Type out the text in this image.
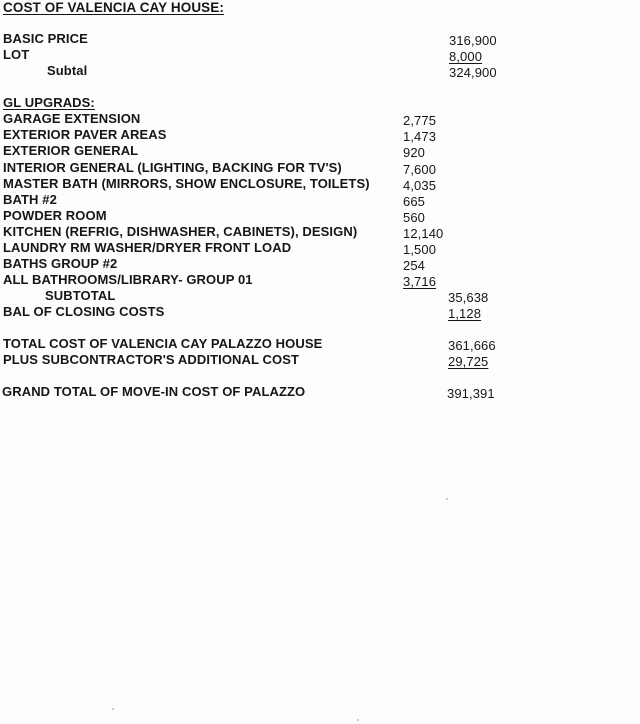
COST OF VALENCIA CAY HOUSE:
BASIC PRICE	316,900
LOT	8,000
Subtal	324,900
GL UPGRADS:
GARAGE EXTENSION	2,775
EXTERIOR PAVER AREAS	1,473
EXTERIOR GENERAL	920
INTERIOR GENERAL (LIGHTING, BACKING FOR TV'S)	7,600
MASTER BATH (MIRRORS, SHOW ENCLOSURE, TOILETS)	4,035
BATH #2	665
POWDER ROOM	560
KITCHEN (REFRIG, DISHWASHER, CABINETS), DESIGN)	12,140
LAUNDRY RM WASHER/DRYER FRONT LOAD	1,500
BATHS GROUP #2	254
ALL BATHROOMS/LIBRARY- GROUP 01	3,716
SUBTOTAL	35,638
BAL OF CLOSING COSTS	1,128
TOTAL COST OF VALENCIA CAY PALAZZO HOUSE	361,666
PLUS SUBCONTRACTOR'S ADDITIONAL COST	29,725
GRAND TOTAL OF MOVE-IN COST OF PALAZZO	391,391
